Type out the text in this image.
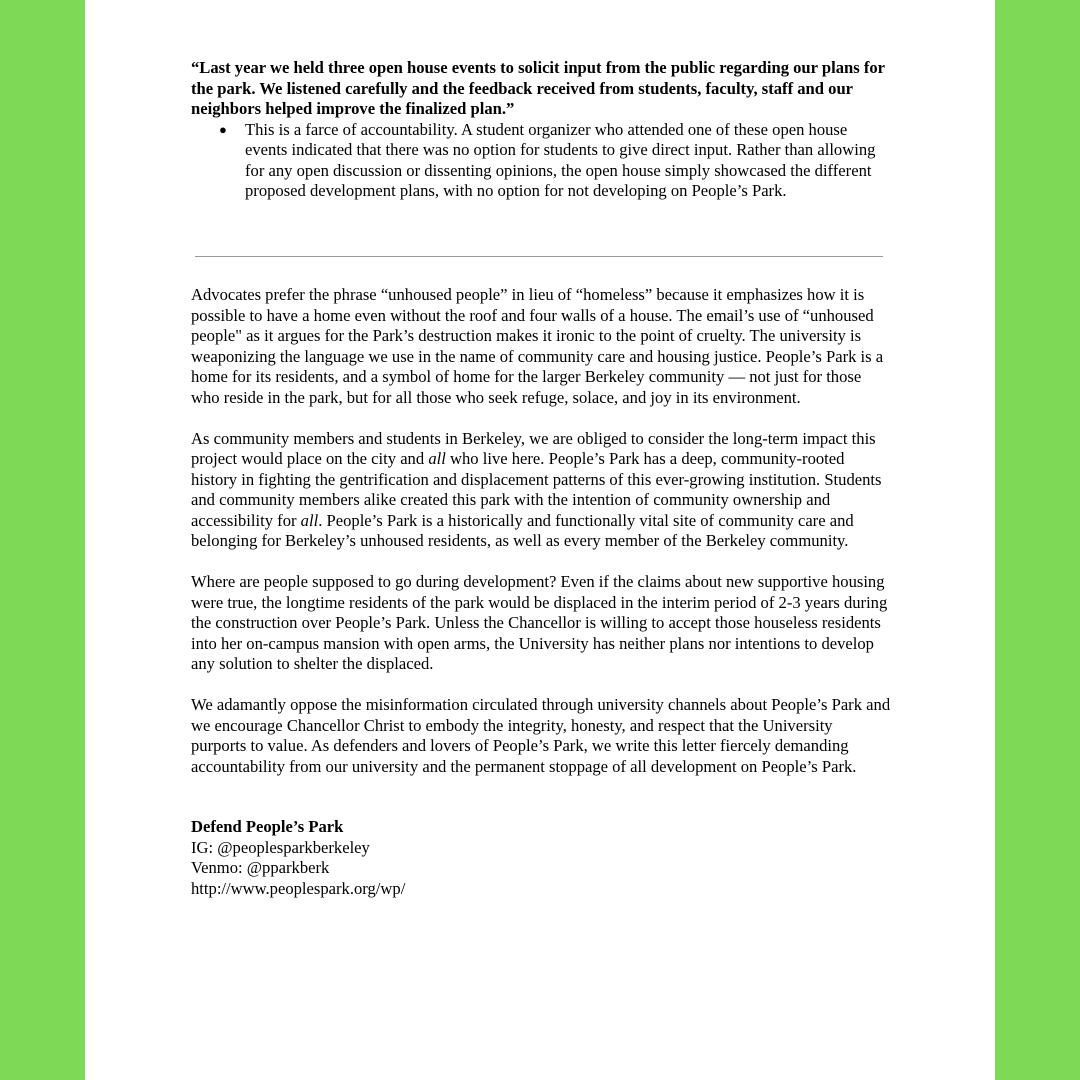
“Last year we held three open house events to solicit input from the public regarding our plans for the park. We listened carefully and the feedback received from students, faculty, staff and our neighbors helped improve the finalized plan.”

● This is a farce of accountability. A student organizer who attended one of these open house events indicated that there was no option for students to give direct input. Rather than allowing for any open discussion or dissenting opinions, the open house simply showcased the different proposed development plans, with no option for not developing on People’s Park.

Advocates prefer the phrase “unhoused people” in lieu of “homeless” because it emphasizes how it is possible to have a home even without the roof and four walls of a house. The email’s use of “unhoused people" as it argues for the Park’s destruction makes it ironic to the point of cruelty. The university is weaponizing the language we use in the name of community care and housing justice. People’s Park is a home for its residents, and a symbol of home for the larger Berkeley community — not just for those who reside in the park, but for all those who seek refuge, solace, and joy in its environment.

As community members and students in Berkeley, we are obliged to consider the long-term impact this project would place on the city and all who live here. People’s Park has a deep, community-rooted history in fighting the gentrification and displacement patterns of this ever-growing institution. Students and community members alike created this park with the intention of community ownership and accessibility for all. People’s Park is a historically and functionally vital site of community care and belonging for Berkeley’s unhoused residents, as well as every member of the Berkeley community.

Where are people supposed to go during development? Even if the claims about new supportive housing were true, the longtime residents of the park would be displaced in the interim period of 2-3 years during the construction over People’s Park. Unless the Chancellor is willing to accept those houseless residents into her on-campus mansion with open arms, the University has neither plans nor intentions to develop any solution to shelter the displaced.

We adamantly oppose the misinformation circulated through university channels about People’s Park and we encourage Chancellor Christ to embody the integrity, honesty, and respect that the University purports to value. As defenders and lovers of People’s Park, we write this letter fiercely demanding accountability from our university and the permanent stoppage of all development on People’s Park.

Defend People’s Park
IG: @peoplesparkberkeley
Venmo: @pparkberk
http://www.peoplespark.org/wp/
